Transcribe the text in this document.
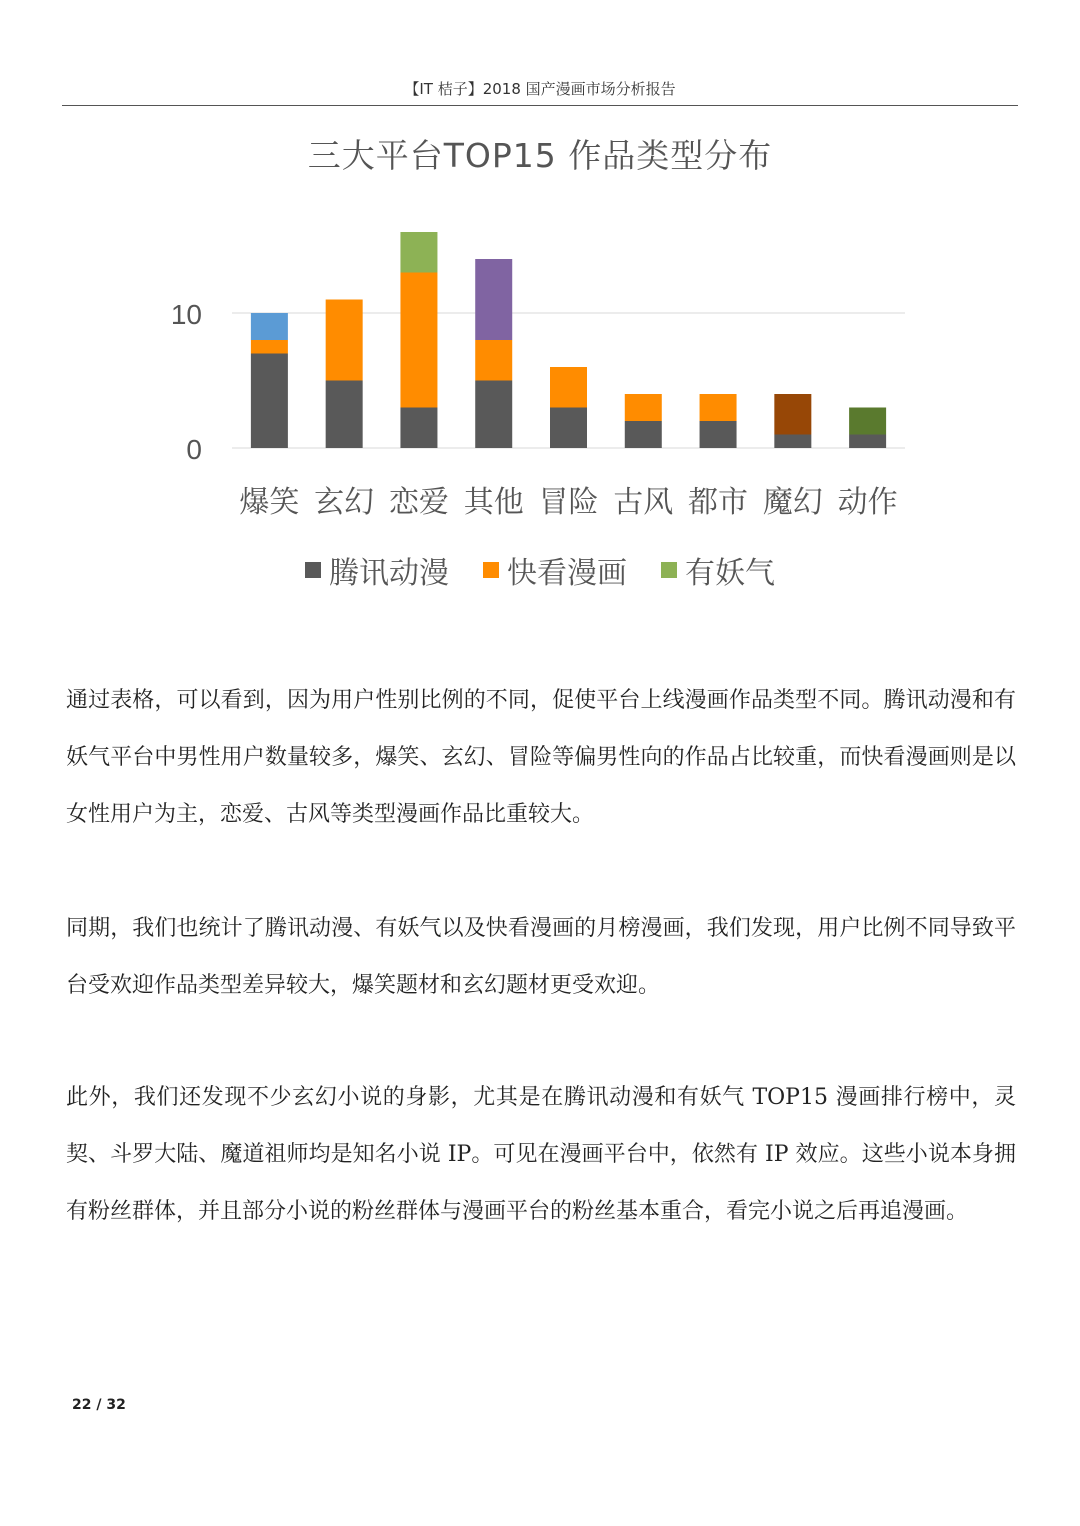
【IT 桔子】2018 国产漫画市场分析报告
三大平台TOP15 作品类型分布
0
10
爆笑 玄幻 恋爱 其他 冒险 古风 都市 魔幻 动作
腾讯动漫 快看漫画 有妖气

通过表格，可以看到，因为用户性别比例的不同，促使平台上线漫画作品类型不同。腾讯动漫和有妖气平台中男性用户数量较多，爆笑、玄幻、冒险等偏男性向的作品占比较重，而快看漫画则是以女性用户为主，恋爱、古风等类型漫画作品比重较大。

同期，我们也统计了腾讯动漫、有妖气以及快看漫画的月榜漫画，我们发现，用户比例不同导致平台受欢迎作品类型差异较大，爆笑题材和玄幻题材更受欢迎。

此外，我们还发现不少玄幻小说的身影，尤其是在腾讯动漫和有妖气 TOP15 漫画排行榜中，灵契、斗罗大陆、魔道祖师均是知名小说 IP。可见在漫画平台中，依然有 IP 效应。这些小说本身拥有粉丝群体，并且部分小说的粉丝群体与漫画平台的粉丝基本重合，看完小说之后再追漫画。

22 / 32
